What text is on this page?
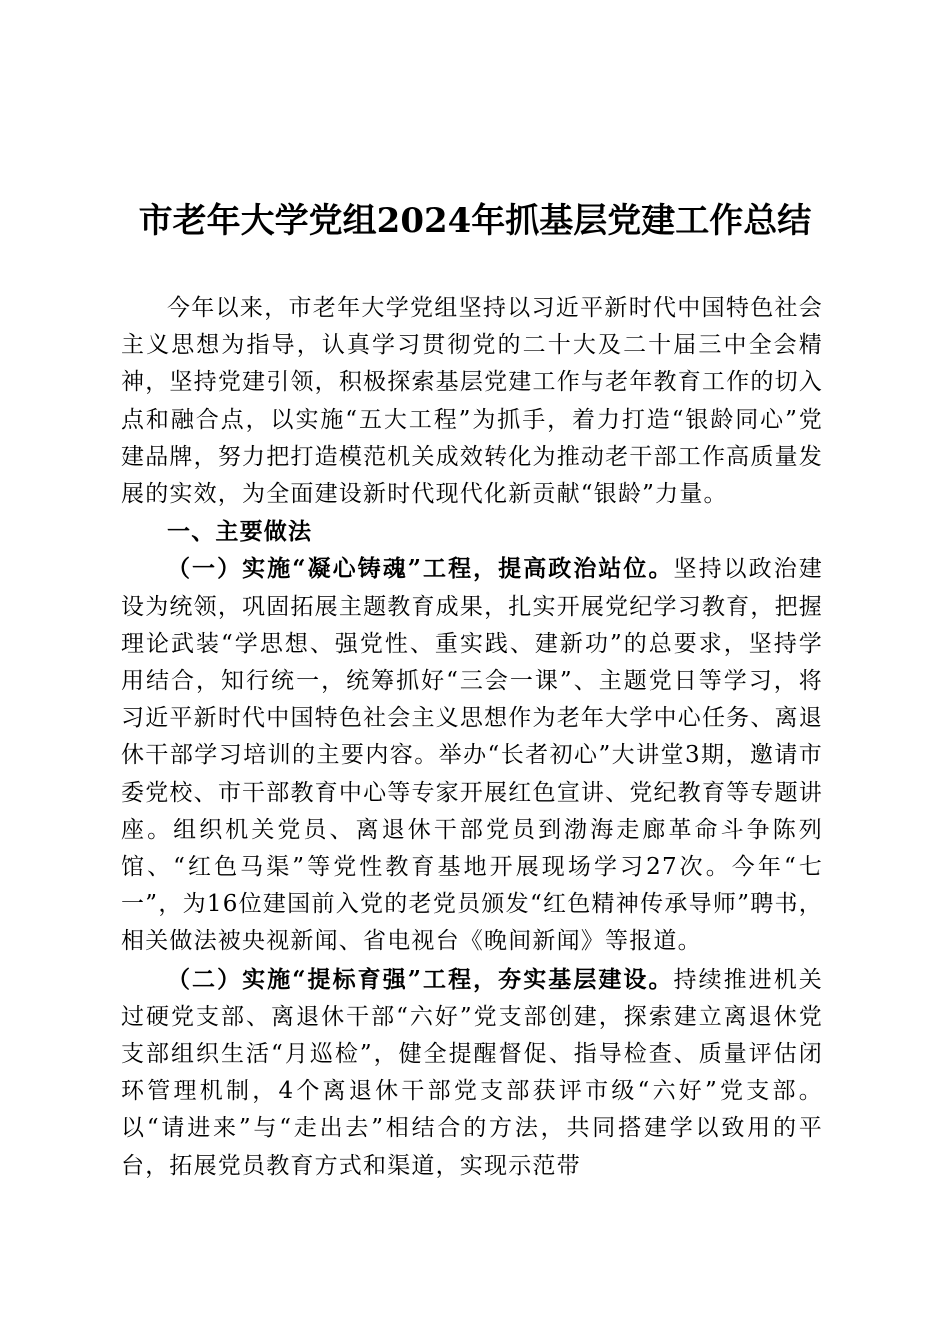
市老年大学党组2024年抓基层党建工作总结

今年以来，市老年大学党组坚持以习近平新时代中国特色社会主义思想为指导，认真学习贯彻党的二十大及二十届三中全会精神，坚持党建引领，积极探索基层党建工作与老年教育工作的切入点和融合点，以实施“五大工程”为抓手，着力打造“银龄同心”党建品牌，努力把打造模范机关成效转化为推动老干部工作高质量发展的实效，为全面建设新时代现代化新贡献“银龄”力量。

一、主要做法

（一）实施“凝心铸魂”工程，提高政治站位。坚持以政治建设为统领，巩固拓展主题教育成果，扎实开展党纪学习教育，把握理论武装“学思想、强党性、重实践、建新功”的总要求，坚持学用结合，知行统一，统筹抓好“三会一课”、主题党日等学习，将习近平新时代中国特色社会主义思想作为老年大学中心任务、离退休干部学习培训的主要内容。举办“长者初心”大讲堂3期，邀请市委党校、市干部教育中心等专家开展红色宣讲、党纪教育等专题讲座。组织机关党员、离退休干部党员到渤海走廊革命斗争陈列馆、“红色马渠”等党性教育基地开展现场学习27次。今年“七一”，为16位建国前入党的老党员颁发“红色精神传承导师”聘书，相关做法被央视新闻、省电视台《晚间新闻》等报道。

（二）实施“提标育强”工程，夯实基层建设。持续推进机关过硬党支部、离退休干部“六好”党支部创建，探索建立离退休党支部组织生活“月巡检”，健全提醒督促、指导检查、质量评估闭环管理机制，4个离退休干部党支部获评市级“六好”党支部。以“请进来”与“走出去”相结合的方法，共同搭建学以致用的平台，拓展党员教育方式和渠道，实现示范带
